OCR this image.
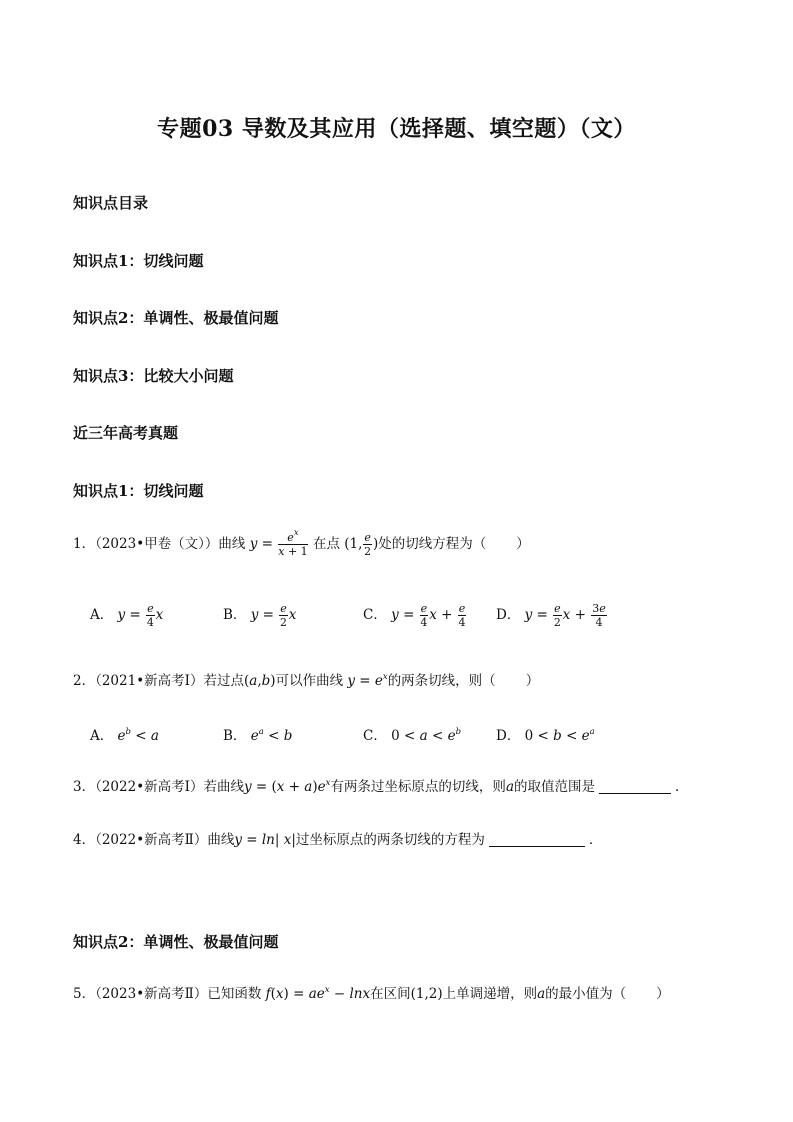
专题03 导数及其应用（选择题、填空题）（文）
知识点目录
知识点1：切线问题
知识点2：单调性、极最值问题
知识点3：比较大小问题
近三年高考真题
知识点1：切线问题
1．（2023•甲卷（文））曲线 $y = \frac{e^x}{x + 1}$ 在点 (1, $\frac{e}{2}$ )处的切线方程为（ ）
A． $y = \frac{e}{4}$ x	B． $y = \frac{e}{2}$ x	C． $y = \frac{e}{4}$ $x + \frac{e}{4}$ D． $y = \frac{e}{2}$ $x + \frac{3e}{4}$
2．（2021•新高考Ⅰ）若过点(a,b)可以作曲线 $y = e^x$的两条切线，则（ ）
A． $e^b < a$	B． $e^a < b$	C． $0 < a < e^b$	D． $0 < b < e^a$
3．（2022•新高考Ⅰ）若曲线$y = (x + a)e^x$有两条过坐标原点的切线，则a的取值范围是	．
4．（2022•新高考Ⅱ）曲线y = ln| x|过坐标原点的两条切线的方程为	．
知识点2：单调性、极最值问题
5．（2023•新高考Ⅱ）已知函数 $f(x) = ae^x - \ln x$在区间(1,2)上单调递增，则a的最小值为（ ）
